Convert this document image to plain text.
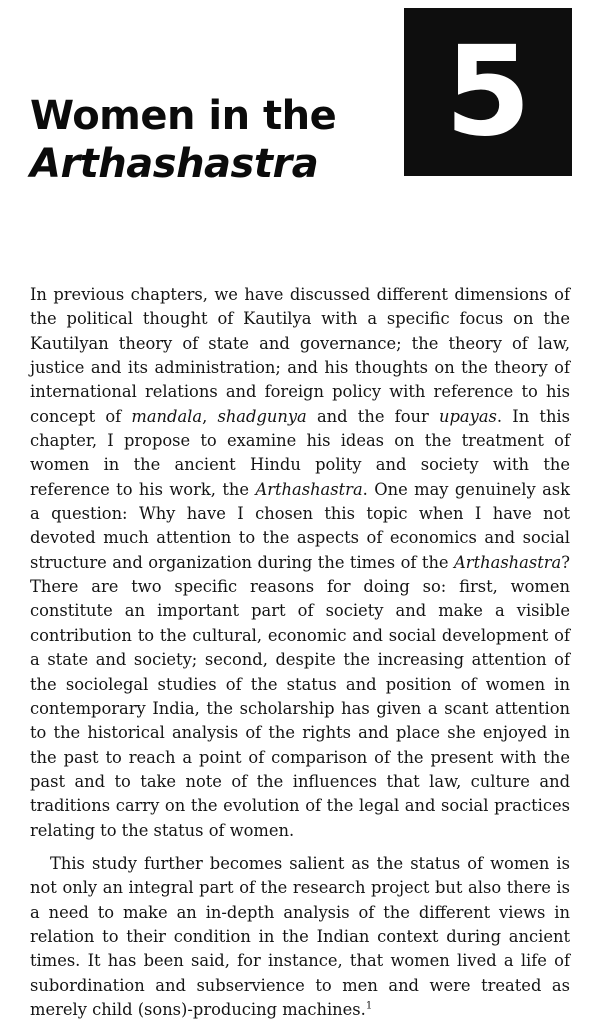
Women in the
Arthashastra 5

In previous chapters, we have discussed different dimensions of the political thought of Kautilya with a specific focus on the Kautilyan theory of state and governance; the theory of law, justice and its administration; and his thoughts on the theory of international relations and foreign policy with reference to his concept of mandala, shadgunya and the four upayas. In this chapter, I propose to examine his ideas on the treatment of women in the ancient Hindu polity and society with the reference to his work, the Arthashastra. One may genuinely ask a question: Why have I chosen this topic when I have not devoted much attention to the aspects of economics and social structure and organization during the times of the Arthashastra? There are two specific reasons for doing so: first, women constitute an important part of society and make a visible contribution to the cultural, economic and social development of a state and society; second, despite the increasing attention of the sociolegal studies of the status and position of women in contemporary India, the scholarship has given a scant attention to the historical analysis of the rights and place she enjoyed in the past to reach a point of comparison of the present with the past and to take note of the influences that law, culture and traditions carry on the evolution of the legal and social practices relating to the status of women.

This study further becomes salient as the status of women is not only an integral part of the research project but also there is a need to make an in-depth analysis of the different views in relation to their condition in the Indian context during ancient times. It has been said, for instance, that women lived a life of subordination and subservience to men and were treated as merely child (sons)-producing machines.$^1$
